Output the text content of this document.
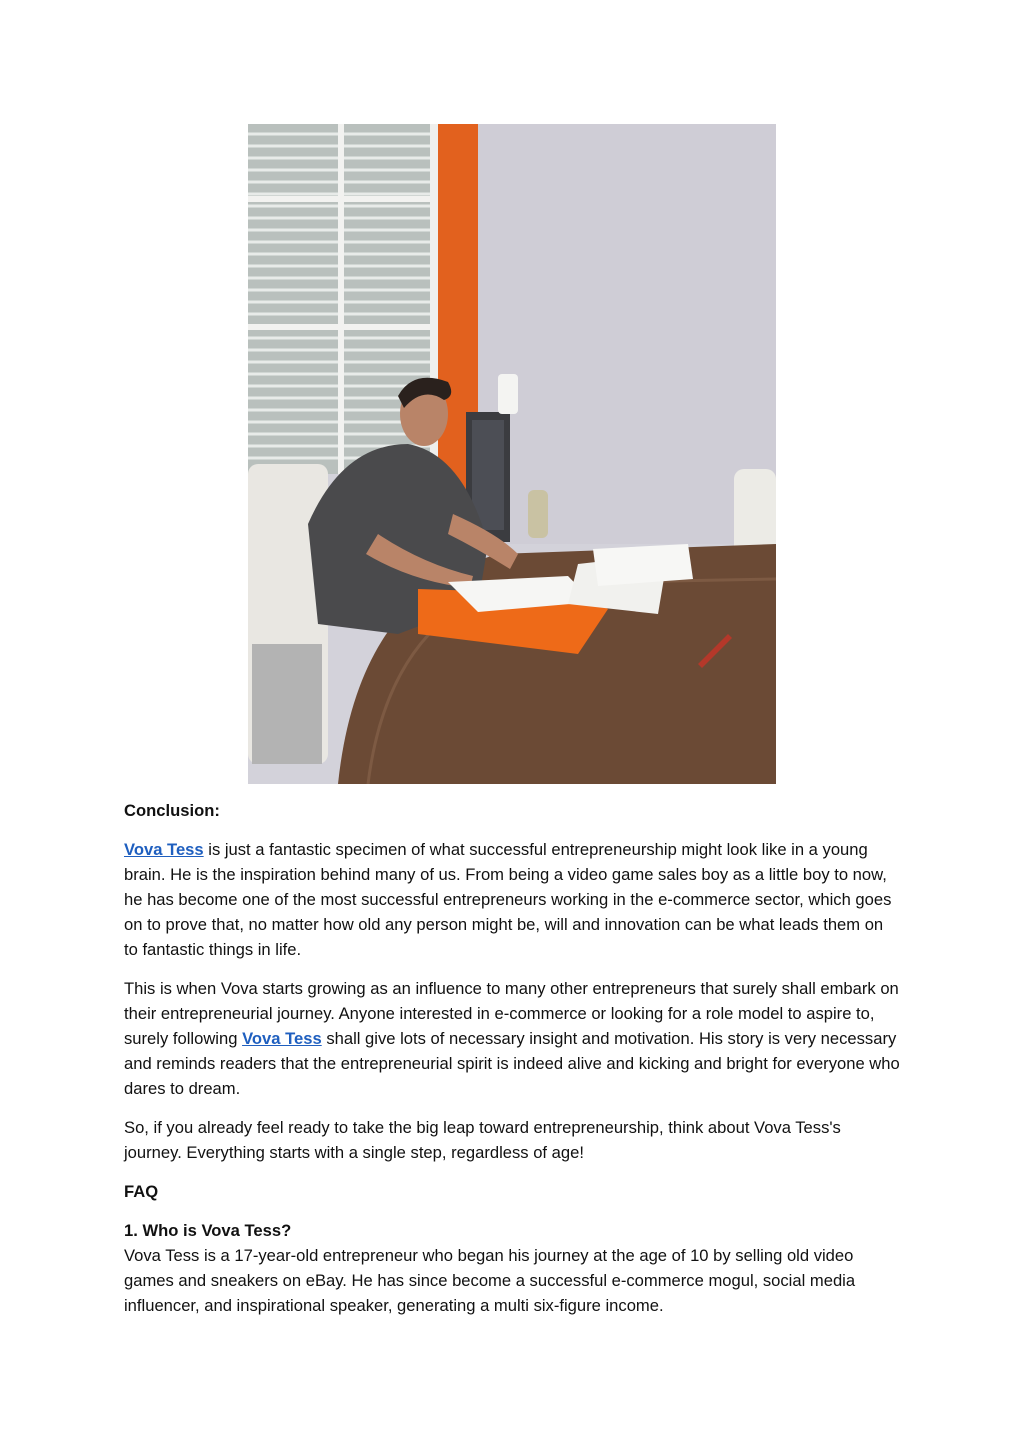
Conclusion:

Vova Tess is just a fantastic specimen of what successful entrepreneurship might look like in a young brain. He is the inspiration behind many of us. From being a video game sales boy as a little boy to now, he has become one of the most successful entrepreneurs working in the e-commerce sector, which goes on to prove that, no matter how old any person might be, will and innovation can be what leads them on to fantastic things in life.

This is when Vova starts growing as an influence to many other entrepreneurs that surely shall embark on their entrepreneurial journey. Anyone interested in e-commerce or looking for a role model to aspire to, surely following Vova Tess shall give lots of necessary insight and motivation. His story is very necessary and reminds readers that the entrepreneurial spirit is indeed alive and kicking and bright for everyone who dares to dream.

So, if you already feel ready to take the big leap toward entrepreneurship, think about Vova Tess's journey. Everything starts with a single step, regardless of age!

FAQ

1. Who is Vova Tess?
Vova Tess is a 17-year-old entrepreneur who began his journey at the age of 10 by selling old video games and sneakers on eBay. He has since become a successful e-commerce mogul, social media influencer, and inspirational speaker, generating a multi six-figure income.
